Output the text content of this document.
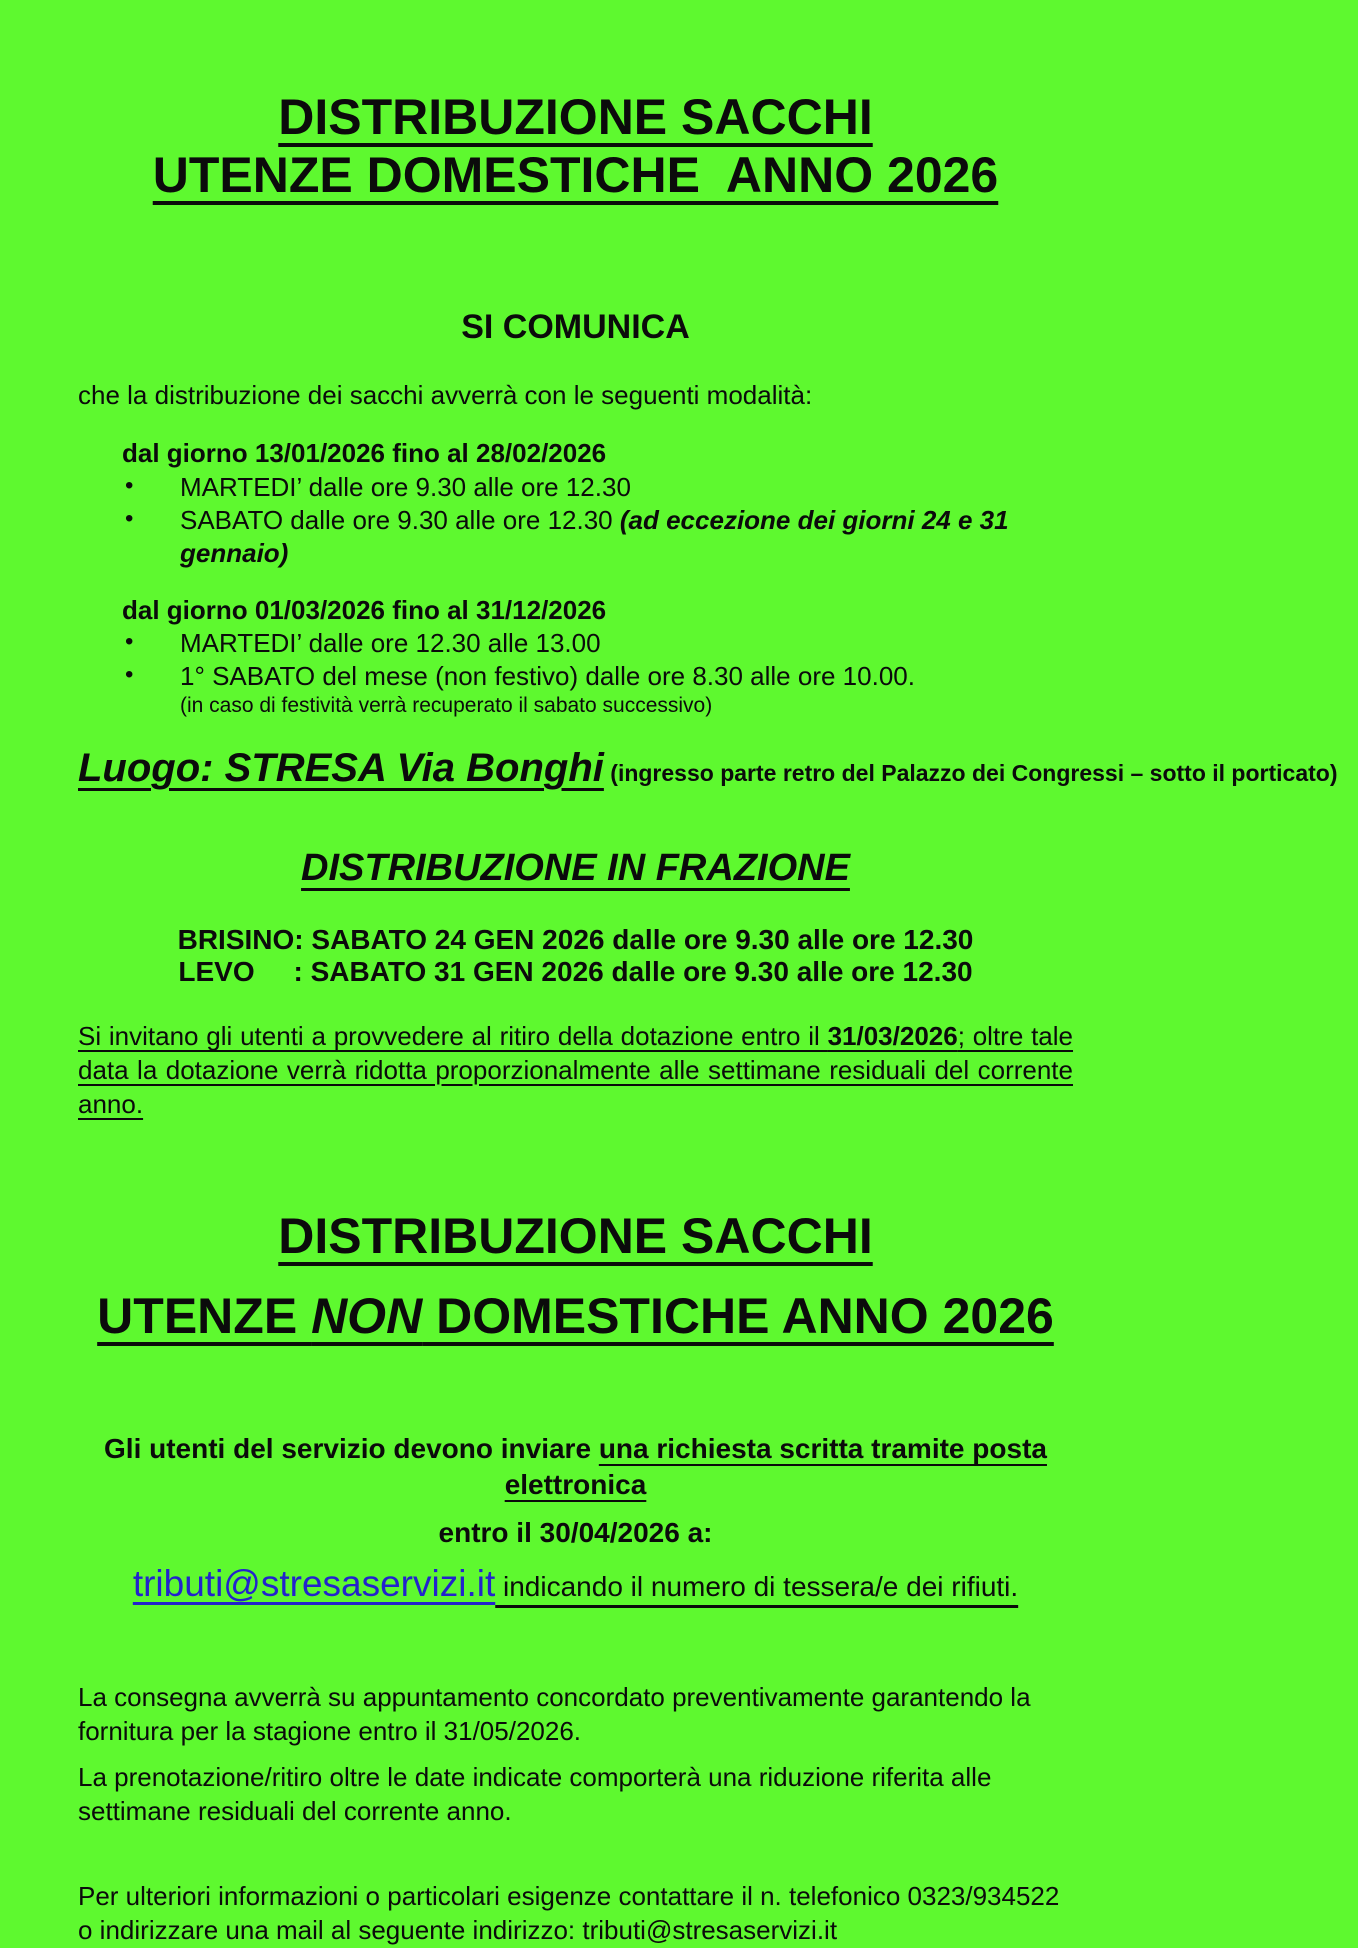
DISTRIBUZIONE SACCHI
UTENZE DOMESTICHE  ANNO 2026
SI COMUNICA
che la distribuzione dei sacchi avverrà con le seguenti modalità:
dal giorno 13/01/2026 fino al 28/02/2026
•	MARTEDI’ dalle ore 9.30 alle ore 12.30
•	SABATO dalle ore 9.30 alle ore 12.30 (ad eccezione dei giorni 24 e 31 gennaio)
dal giorno 01/03/2026 fino al 31/12/2026
•	MARTEDI’ dalle ore 12.30 alle 13.00
•	1° SABATO del mese (non festivo) dalle ore 8.30 alle ore 10.00.
(in caso di festività verrà recuperato il sabato successivo)
Luogo: STRESA Via Bonghi (ingresso parte retro del Palazzo dei Congressi – sotto il porticato)
DISTRIBUZIONE IN FRAZIONE
BRISINO: SABATO 24 GEN 2026 dalle ore 9.30 alle ore 12.30
LEVO     : SABATO 31 GEN 2026 dalle ore 9.30 alle ore 12.30
Si invitano gli utenti a provvedere al ritiro della dotazione entro il 31/03/2026; oltre tale data la dotazione verrà ridotta proporzionalmente alle settimane residuali del corrente anno.
DISTRIBUZIONE SACCHI
UTENZE NON DOMESTICHE ANNO 2026
Gli utenti del servizio devono inviare una richiesta scritta tramite posta elettronica
entro il 30/04/2026 a:
tributi@stresaservizi.it indicando il numero di tessera/e dei rifiuti.
La consegna avverrà su appuntamento concordato preventivamente garantendo la fornitura per la stagione entro il 31/05/2026.
La prenotazione/ritiro oltre le date indicate comporterà una riduzione riferita alle settimane residuali del corrente anno.
Per ulteriori informazioni o particolari esigenze contattare il n. telefonico 0323/934522 o indirizzare una mail al seguente indirizzo: tributi@stresaservizi.it
